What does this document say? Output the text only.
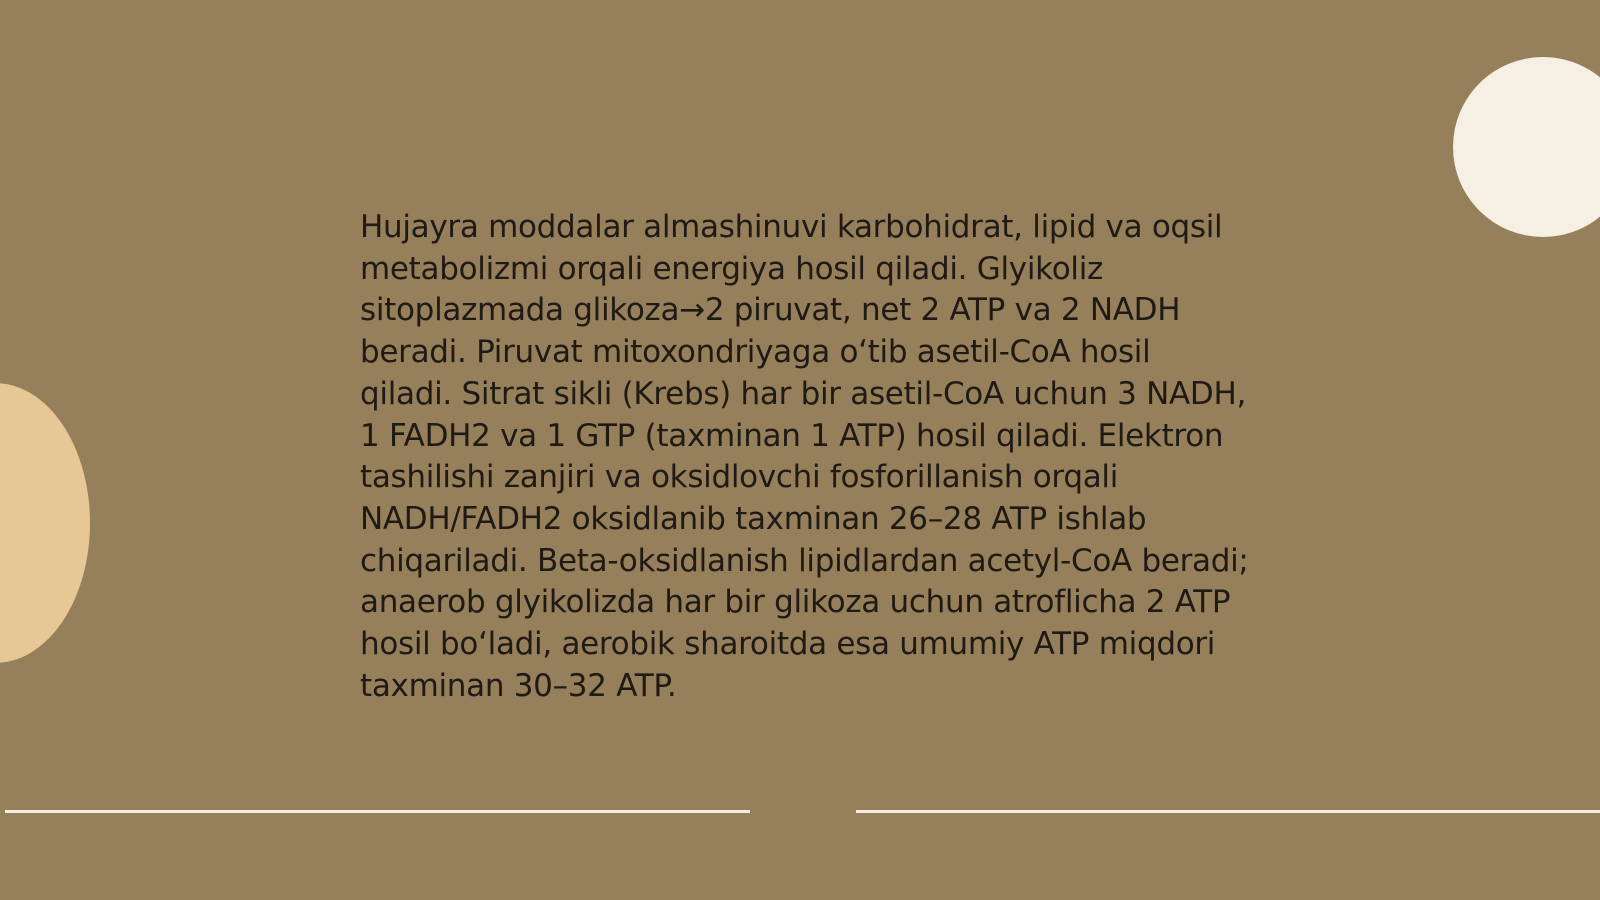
Hujayra moddalar almashinuvi karbohidrat, lipid va oqsil metabolizmi orqali energiya hosil qiladi. Glyikoliz sitoplazmada glikoza→2 piruvat, net 2 ATP va 2 NADH beradi. Piruvat mitoxondriyaga oʻtib asetil-CoA hosil qiladi. Sitrat sikli (Krebs) har bir asetil-CoA uchun 3 NADH, 1 FADH2 va 1 GTP (taxminan 1 ATP) hosil qiladi. Elektron tashilishi zanjiri va oksidlovchi fosforillanish orqali NADH/FADH2 oksidlanib taxminan 26–28 ATP ishlab chiqariladi. Beta-oksidlanish lipidlardan acetyl-CoA beradi; anaerob glyikolizda har bir glikoza uchun atroflicha 2 ATP hosil boʻladi, aerobik sharoitda esa umumiy ATP miqdori taxminan 30–32 ATP.
